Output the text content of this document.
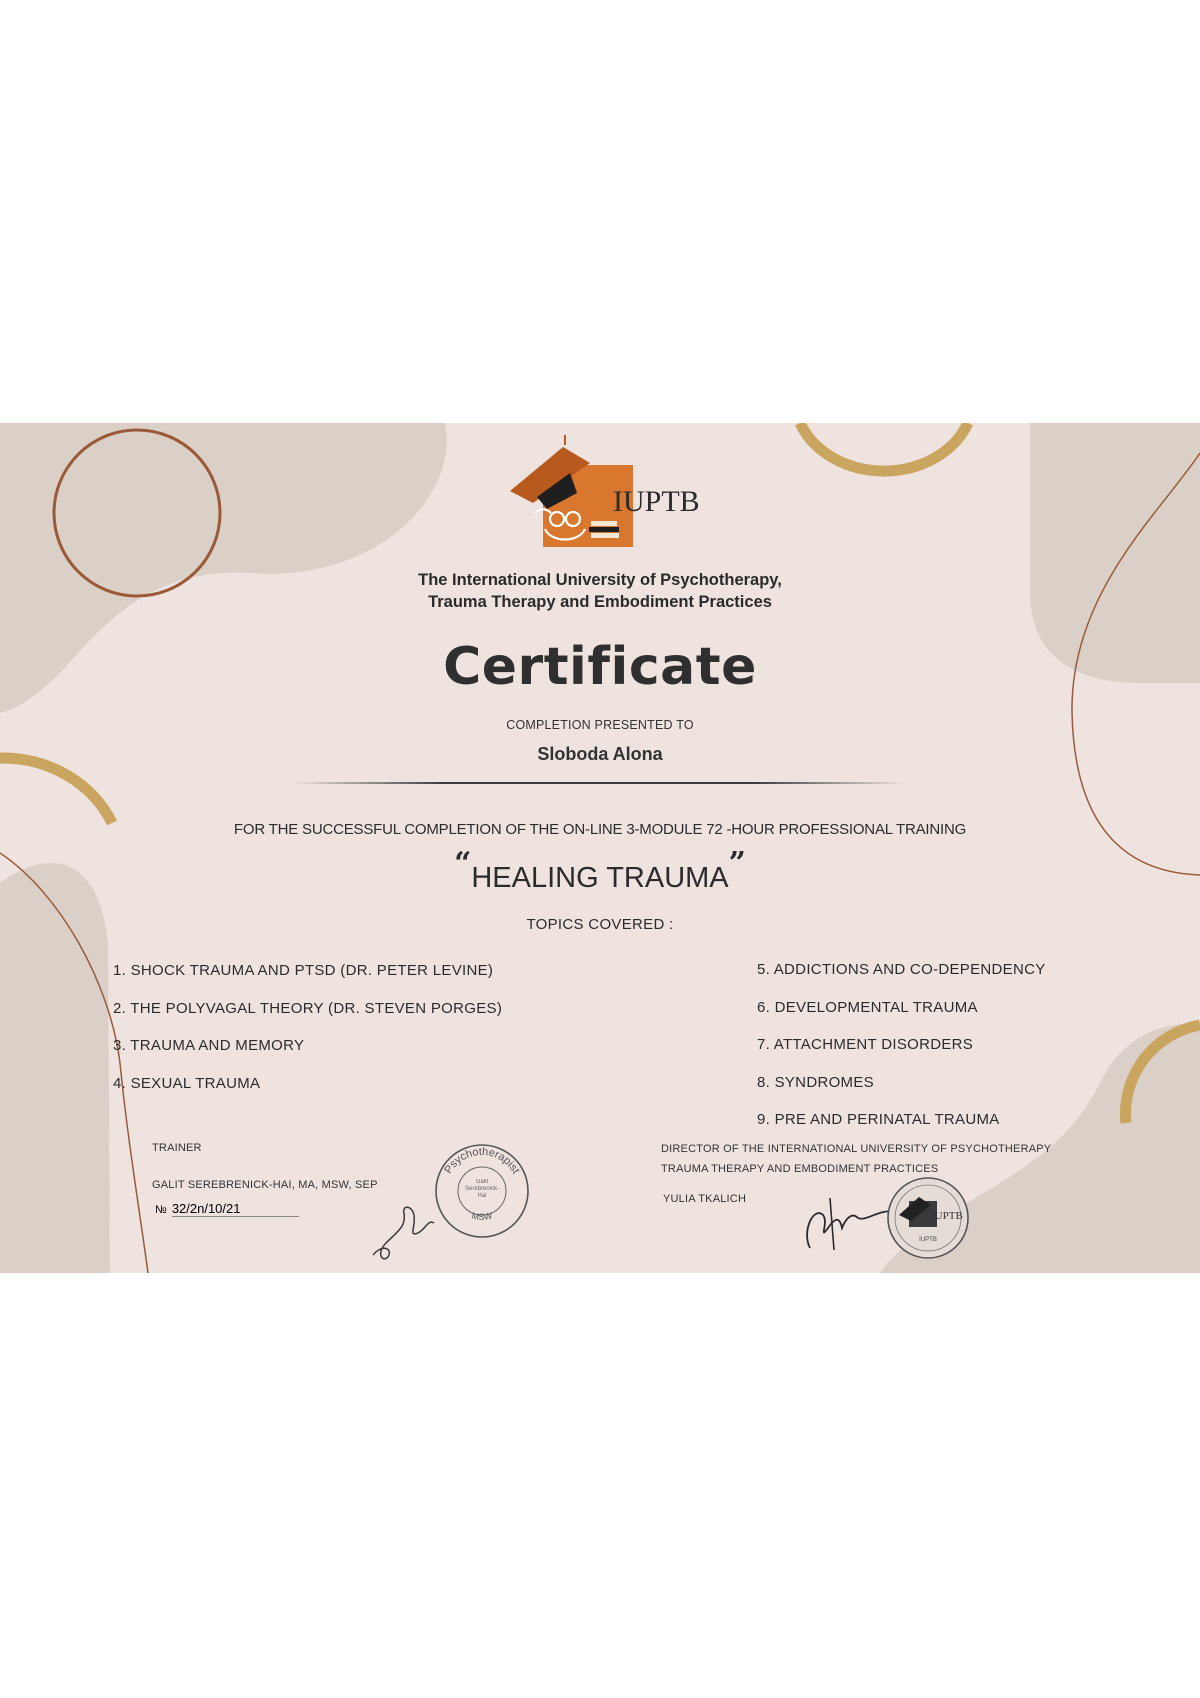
IUPTB
The International University of Psychotherapy,
Trauma Therapy and Embodiment Practices
Certificate
COMPLETION PRESENTED TO
Sloboda Alona
FOR THE SUCCESSFUL COMPLETION OF THE ON-LINE 3-MODULE 72 -HOUR PROFESSIONAL TRAINING
“HEALING TRAUMA”
TOPICS COVERED :
1. SHOCK TRAUMA AND PTSD (DR. PETER LEVINE)
2. THE POLYVAGAL THEORY (DR. STEVEN PORGES)
3. TRAUMA AND MEMORY
4. SEXUAL TRAUMA
5. ADDICTIONS AND CO-DEPENDENCY
6. DEVELOPMENTAL TRAUMA
7. ATTACHMENT DISORDERS
8. SYNDROMES
9. PRE AND PERINATAL TRAUMA
TRAINER
GALIT SEREBRENICK-HAI, MA, MSW, SEP
№ 32/2n/10/21
Psychotherapist
MSW
Galit Serebrenick-Hai
DIRECTOR OF THE INTERNATIONAL UNIVERSITY OF PSYCHOTHERAPY
TRAUMA THERAPY AND EMBODIMENT PRACTICES
YULIA TKALICH
IUPTB
IUPTB
